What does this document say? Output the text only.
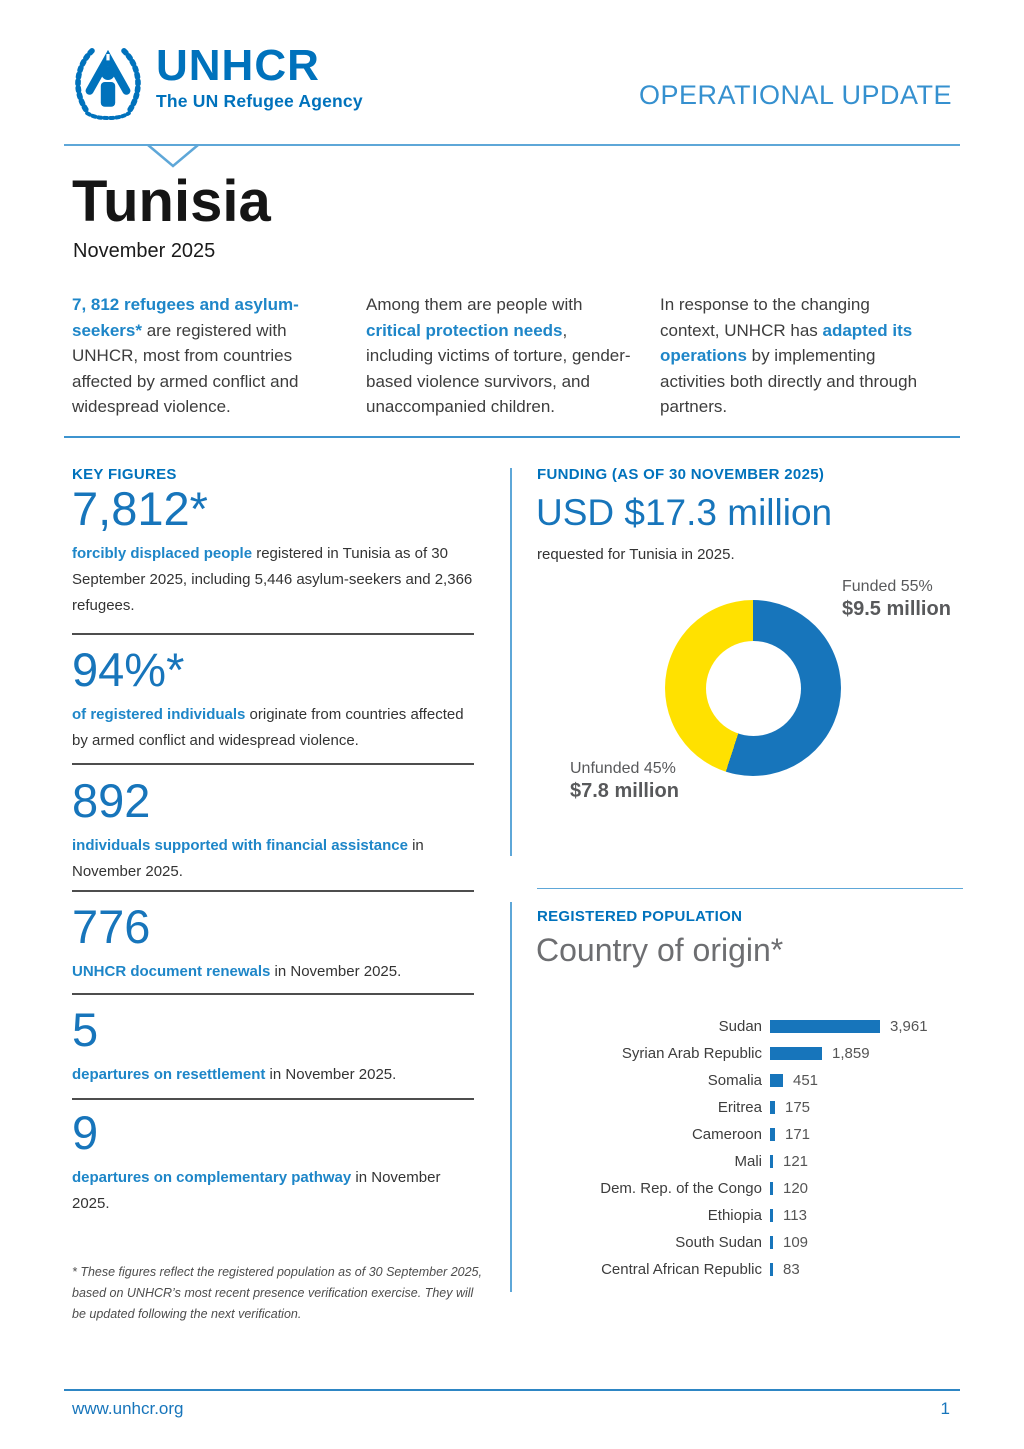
UNHCR
The UN Refugee Agency	OPERATIONAL UPDATE
Tunisia
November 2025

7, 812 refugees and asylum-seekers* are registered with UNHCR, most from countries affected by armed conflict and widespread violence.

Among them are people with critical protection needs, including victims of torture, gender-based violence survivors, and unaccompanied children.

In response to the changing context, UNHCR has adapted its operations by implementing activities both directly and through partners.

KEY FIGURES
7,812*

forcibly displaced people registered in Tunisia as of 30 September 2025, including 5,446 asylum-seekers and 2,366 refugees.

94%*

of registered individuals originate from countries affected by armed conflict and widespread violence.

892

individuals supported with financial assistance in November 2025.

776

UNHCR document renewals in November 2025.

5

departures on resettlement in November 2025.

9

departures on complementary pathway in November 2025.

* These figures reflect the registered population as of 30 September 2025, based on UNHCR’s most recent presence verification exercise. They will be updated following the next verification.

FUNDING (AS OF 30 NOVEMBER 2025)
USD $17.3 million
requested for Tunisia in 2025.
Funded 55%
$9.5 million
Unfunded 45%
$7.8 million
REGISTERED POPULATION
Country of origin*
Sudan	3,961
Syrian Arab Republic	1,859
Somalia	451
Eritrea	175
Cameroon	171
Mali	121
Dem. Rep. of the Congo	120
Ethiopia	113
South Sudan	109
Central African Republic	83
www.unhcr.org	1
